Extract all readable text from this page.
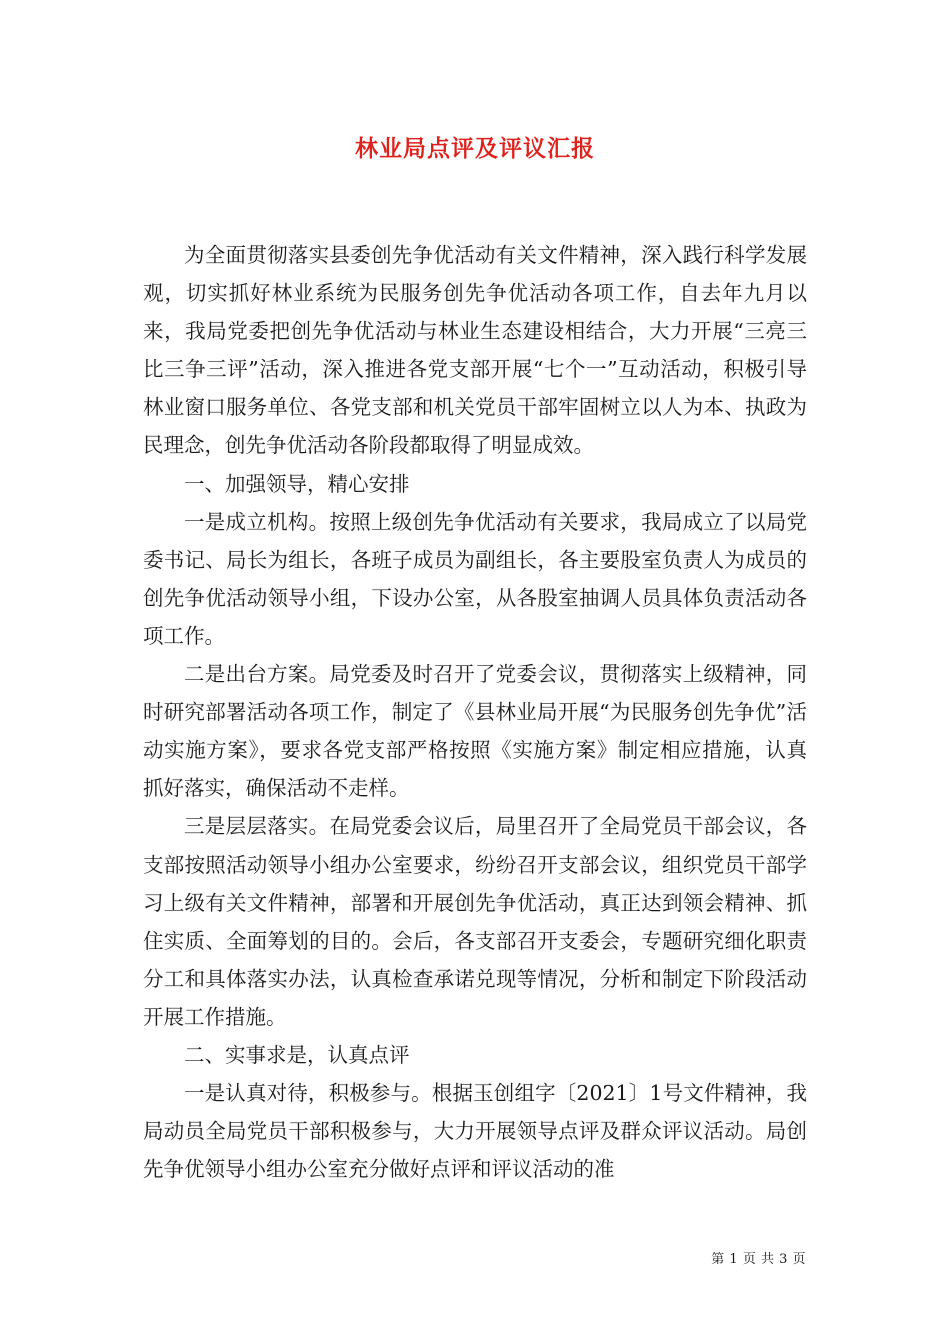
林业局点评及评议汇报

为全面贯彻落实县委创先争优活动有关文件精神，深入践行科学发展观，切实抓好林业系统为民服务创先争优活动各项工作，自去年九月以来，我局党委把创先争优活动与林业生态建设相结合，大力开展“三亮三比三争三评”活动，深入推进各党支部开展“七个一”互动活动，积极引导林业窗口服务单位、各党支部和机关党员干部牢固树立以人为本、执政为民理念，创先争优活动各阶段都取得了明显成效。

一、加强领导，精心安排

一是成立机构。按照上级创先争优活动有关要求，我局成立了以局党委书记、局长为组长，各班子成员为副组长，各主要股室负责人为成员的创先争优活动领导小组，下设办公室，从各股室抽调人员具体负责活动各项工作。

二是出台方案。局党委及时召开了党委会议，贯彻落实上级精神，同时研究部署活动各项工作，制定了《县林业局开展“为民服务创先争优”活动实施方案》，要求各党支部严格按照《实施方案》制定相应措施，认真抓好落实，确保活动不走样。

三是层层落实。在局党委会议后，局里召开了全局党员干部会议，各支部按照活动领导小组办公室要求，纷纷召开支部会议，组织党员干部学习上级有关文件精神，部署和开展创先争优活动，真正达到领会精神、抓住实质、全面筹划的目的。会后，各支部召开支委会，专题研究细化职责分工和具体落实办法，认真检查承诺兑现等情况，分析和制定下阶段活动开展工作措施。

二、实事求是，认真点评

一是认真对待，积极参与。根据玉创组字〔2021〕1号文件精神，我局动员全局党员干部积极参与，大力开展领导点评及群众评议活动。局创先争优领导小组办公室充分做好点评和评议活动的准

第 1 页 共 3 页
